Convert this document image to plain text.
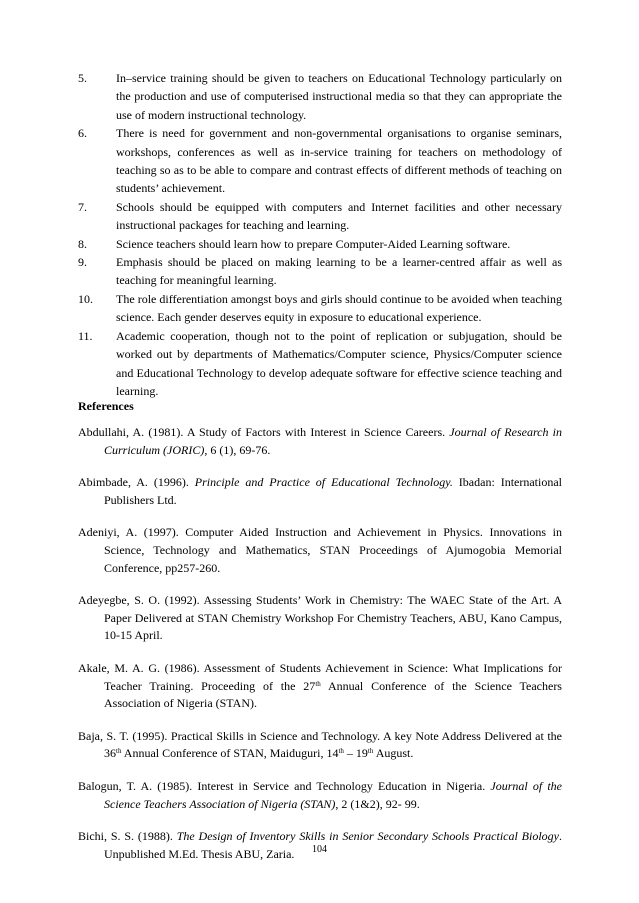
5. In–service training should be given to teachers on Educational Technology particularly on the production and use of computerised instructional media so that they can appropriate the use of modern instructional technology.
6. There is need for government and non-governmental organisations to organise seminars, workshops, conferences as well as in-service training for teachers on methodology of teaching so as to be able to compare and contrast effects of different methods of teaching on students’ achievement.
7. Schools should be equipped with computers and Internet facilities and other necessary instructional packages for teaching and learning.
8. Science teachers should learn how to prepare Computer-Aided Learning software.
9. Emphasis should be placed on making learning to be a learner-centred affair as well as teaching for meaningful learning.
10. The role differentiation amongst boys and girls should continue to be avoided when teaching science. Each gender deserves equity in exposure to educational experience.
11. Academic cooperation, though not to the point of replication or subjugation, should be worked out by departments of Mathematics/Computer science, Physics/Computer science and Educational Technology to develop adequate software for effective science teaching and learning.
References
Abdullahi, A. (1981). A Study of Factors with Interest in Science Careers. Journal of Research in Curriculum (JORIC), 6 (1), 69-76.
Abimbade, A. (1996). Principle and Practice of Educational Technology. Ibadan: International Publishers Ltd.
Adeniyi, A. (1997). Computer Aided Instruction and Achievement in Physics. Innovations in Science, Technology and Mathematics, STAN Proceedings of Ajumogobia Memorial Conference, pp257-260.
Adeyegbe, S. O. (1992). Assessing Students’ Work in Chemistry: The WAEC State of the Art. A Paper Delivered at STAN Chemistry Workshop For Chemistry Teachers, ABU, Kano Campus, 10-15 April.
Akale, M. A. G. (1986). Assessment of Students Achievement in Science: What Implications for Teacher Training. Proceeding of the 27th Annual Conference of the Science Teachers Association of Nigeria (STAN).
Baja, S. T. (1995). Practical Skills in Science and Technology. A key Note Address Delivered at the 36th Annual Conference of STAN, Maiduguri, 14th – 19th August.
Balogun, T. A. (1985). Interest in Service and Technology Education in Nigeria. Journal of the Science Teachers Association of Nigeria (STAN), 2 (1&2), 92- 99.
Bichi, S. S. (1988). The Design of Inventory Skills in Senior Secondary Schools Practical Biology. Unpublished M.Ed. Thesis ABU, Zaria.	104
